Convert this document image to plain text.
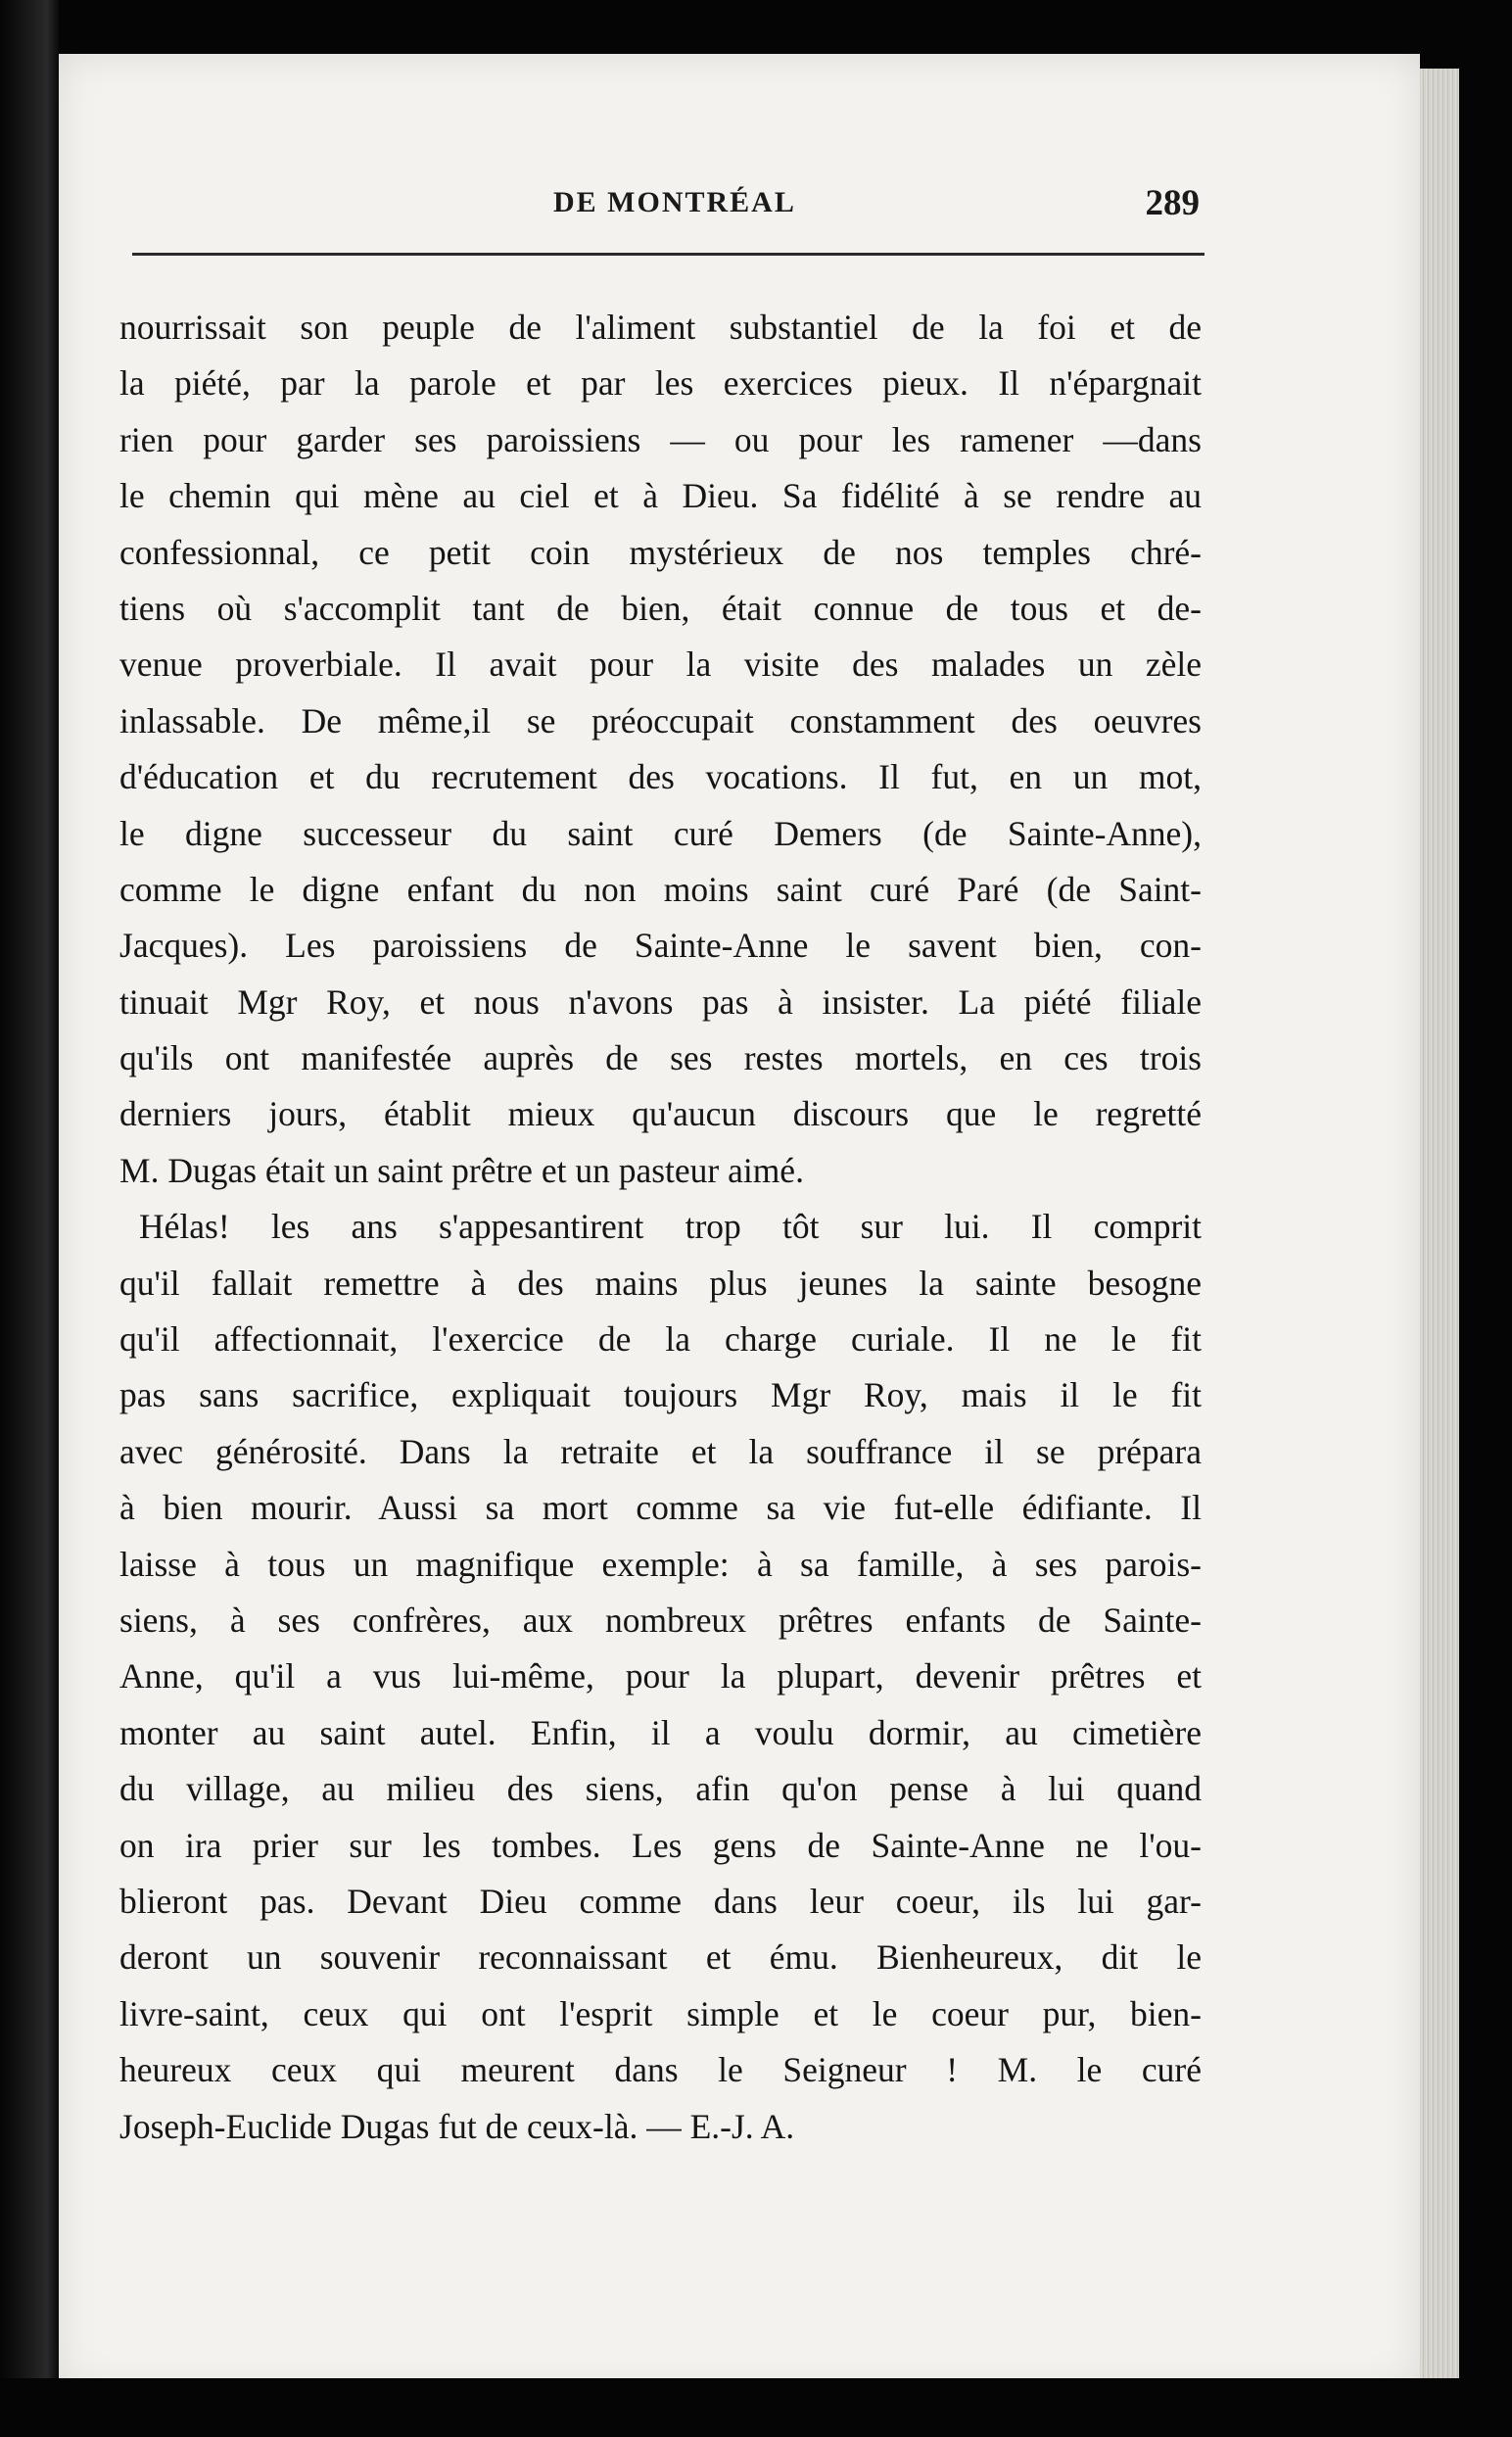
DE MONTRÉAL	289
nourrissait son peuple de l'aliment substantiel de la foi et de
la piété, par la parole et par les exercices pieux. Il n'épargnait
rien pour garder ses paroissiens — ou pour les ramener —dans
le chemin qui mène au ciel et à Dieu. Sa fidélité à se rendre au
confessionnal, ce petit coin mystérieux de nos temples chré-
tiens où s'accomplit tant de bien, était connue de tous et de-
venue proverbiale. Il avait pour la visite des malades un zèle
inlassable. De même,il se préoccupait constamment des oeuvres
d'éducation et du recrutement des vocations. Il fut, en un mot,
le digne successeur du saint curé Demers (de Sainte-Anne),
comme le digne enfant du non moins saint curé Paré (de Saint-
Jacques). Les paroissiens de Sainte-Anne le savent bien, con-
tinuait Mgr Roy, et nous n'avons pas à insister. La piété filiale
qu'ils ont manifestée auprès de ses restes mortels, en ces trois
derniers jours, établit mieux qu'aucun discours que le regretté
M. Dugas était un saint prêtre et un pasteur aimé.
Hélas! les ans s'appesantirent trop tôt sur lui. Il comprit
qu'il fallait remettre à des mains plus jeunes la sainte besogne
qu'il affectionnait, l'exercice de la charge curiale. Il ne le fit
pas sans sacrifice, expliquait toujours Mgr Roy, mais il le fit
avec générosité. Dans la retraite et la souffrance il se prépara
à bien mourir. Aussi sa mort comme sa vie fut-elle édifiante. Il
laisse à tous un magnifique exemple: à sa famille, à ses parois-
siens, à ses confrères, aux nombreux prêtres enfants de Sainte-
Anne, qu'il a vus lui-même, pour la plupart, devenir prêtres et
monter au saint autel. Enfin, il a voulu dormir, au cimetière
du village, au milieu des siens, afin qu'on pense à lui quand
on ira prier sur les tombes. Les gens de Sainte-Anne ne l'ou-
blieront pas. Devant Dieu comme dans leur coeur, ils lui gar-
deront un souvenir reconnaissant et ému. Bienheureux, dit le
livre-saint, ceux qui ont l'esprit simple et le coeur pur, bien-
heureux ceux qui meurent dans le Seigneur ! M. le curé
Joseph-Euclide Dugas fut de ceux-là. — E.-J. A.
